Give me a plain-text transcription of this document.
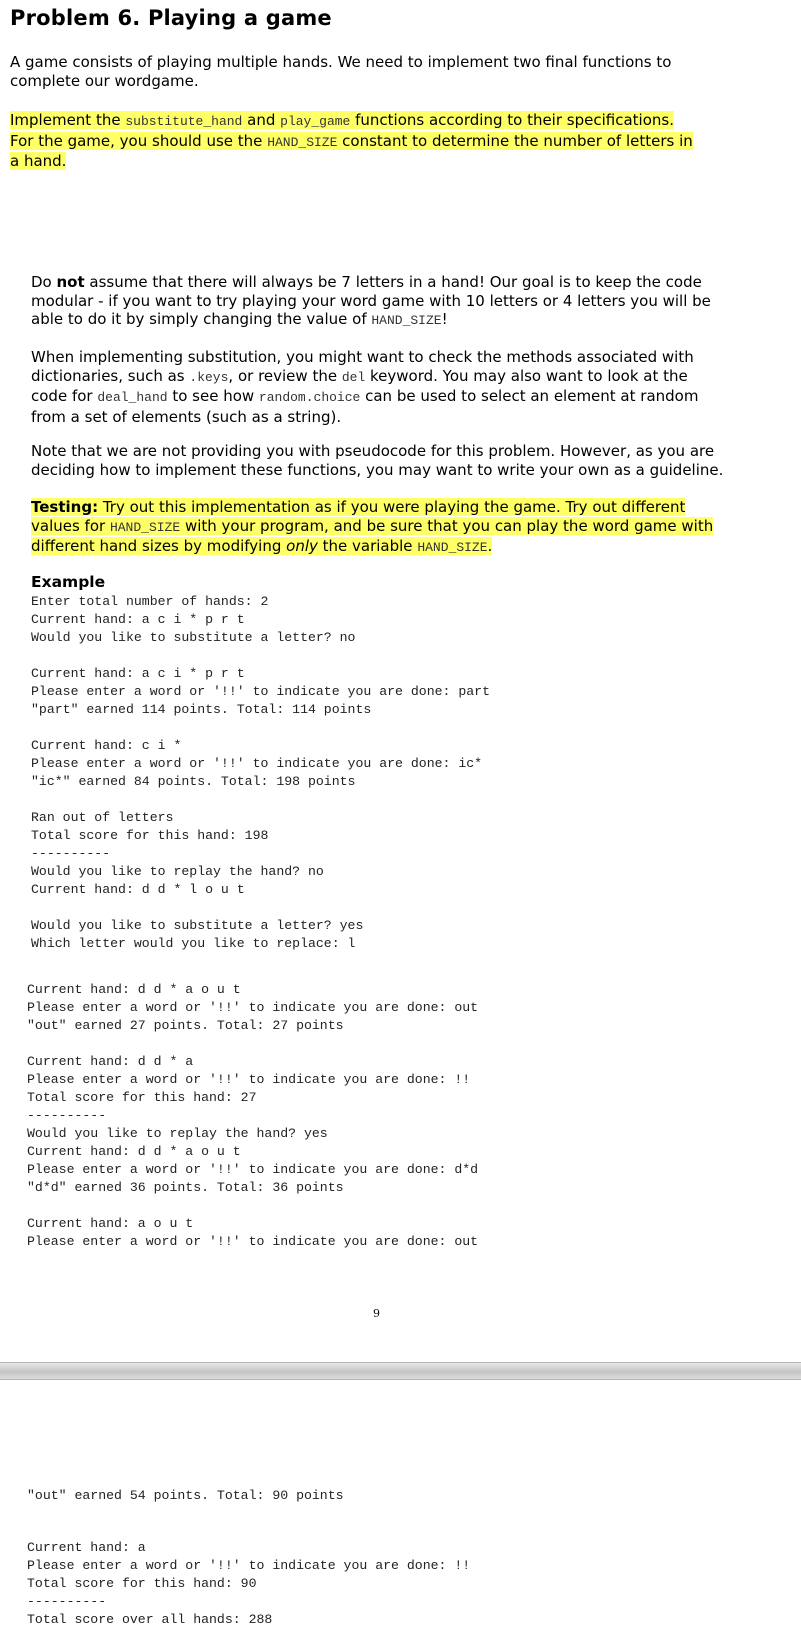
Problem 6. Playing a game
A game consists of playing multiple hands. We need to implement two final functions to
complete our wordgame.
Implement the substitute_hand and play_game functions according to their specifications.
For the game, you should use the HAND_SIZE constant to determine the number of letters in
a hand.
Do not assume that there will always be 7 letters in a hand! Our goal is to keep the code
modular - if you want to try playing your word game with 10 letters or 4 letters you will be
able to do it by simply changing the value of HAND_SIZE!
When implementing substitution, you might want to check the methods associated with
dictionaries, such as .keys, or review the del keyword. You may also want to look at the
code for deal_hand to see how random.choice can be used to select an element at random
from a set of elements (such as a string).
Note that we are not providing you with pseudocode for this problem. However, as you are
deciding how to implement these functions, you may want to write your own as a guideline.
Testing: Try out this implementation as if you were playing the game. Try out different
values for HAND_SIZE with your program, and be sure that you can play the word game with
different hand sizes by modifying only the variable HAND_SIZE.
Example
Enter total number of hands: 2
Current hand: a c i * p r t
Would you like to substitute a letter? no

Current hand: a c i * p r t
Please enter a word or '!!' to indicate you are done: part
"part" earned 114 points. Total: 114 points

Current hand: c i *
Please enter a word or '!!' to indicate you are done: ic*
"ic*" earned 84 points. Total: 198 points

Ran out of letters
Total score for this hand: 198
----------
Would you like to replay the hand? no
Current hand: d d * l o u t

Would you like to substitute a letter? yes
Which letter would you like to replace: l
Current hand: d d * a o u t
Please enter a word or '!!' to indicate you are done: out
"out" earned 27 points. Total: 27 points

Current hand: d d * a
Please enter a word or '!!' to indicate you are done: !!
Total score for this hand: 27
----------
Would you like to replay the hand? yes
Current hand: d d * a o u t
Please enter a word or '!!' to indicate you are done: d*d
"d*d" earned 36 points. Total: 36 points

Current hand: a o u t
Please enter a word or '!!' to indicate you are done: out
9
"out" earned 54 points. Total: 90 points
Current hand: a
Please enter a word or '!!' to indicate you are done: !!
Total score for this hand: 90
----------
Total score over all hands: 288
